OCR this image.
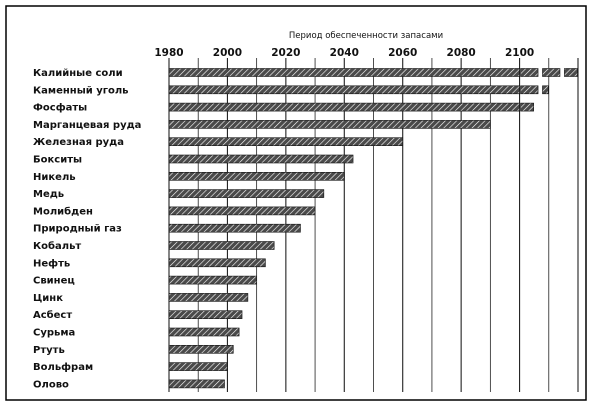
Период обеспеченности запасами
1980	2000	2020	2040	2060	2080	2100
Калийные соли
Каменный уголь
Фосфаты
Марганцевая руда
Железная руда
Бокситы
Никель
Медь
Молибден
Природный газ
Кобальт
Нефть
Свинец
Цинк
Асбест
Сурьма
Ртуть
Вольфрам
Олово
